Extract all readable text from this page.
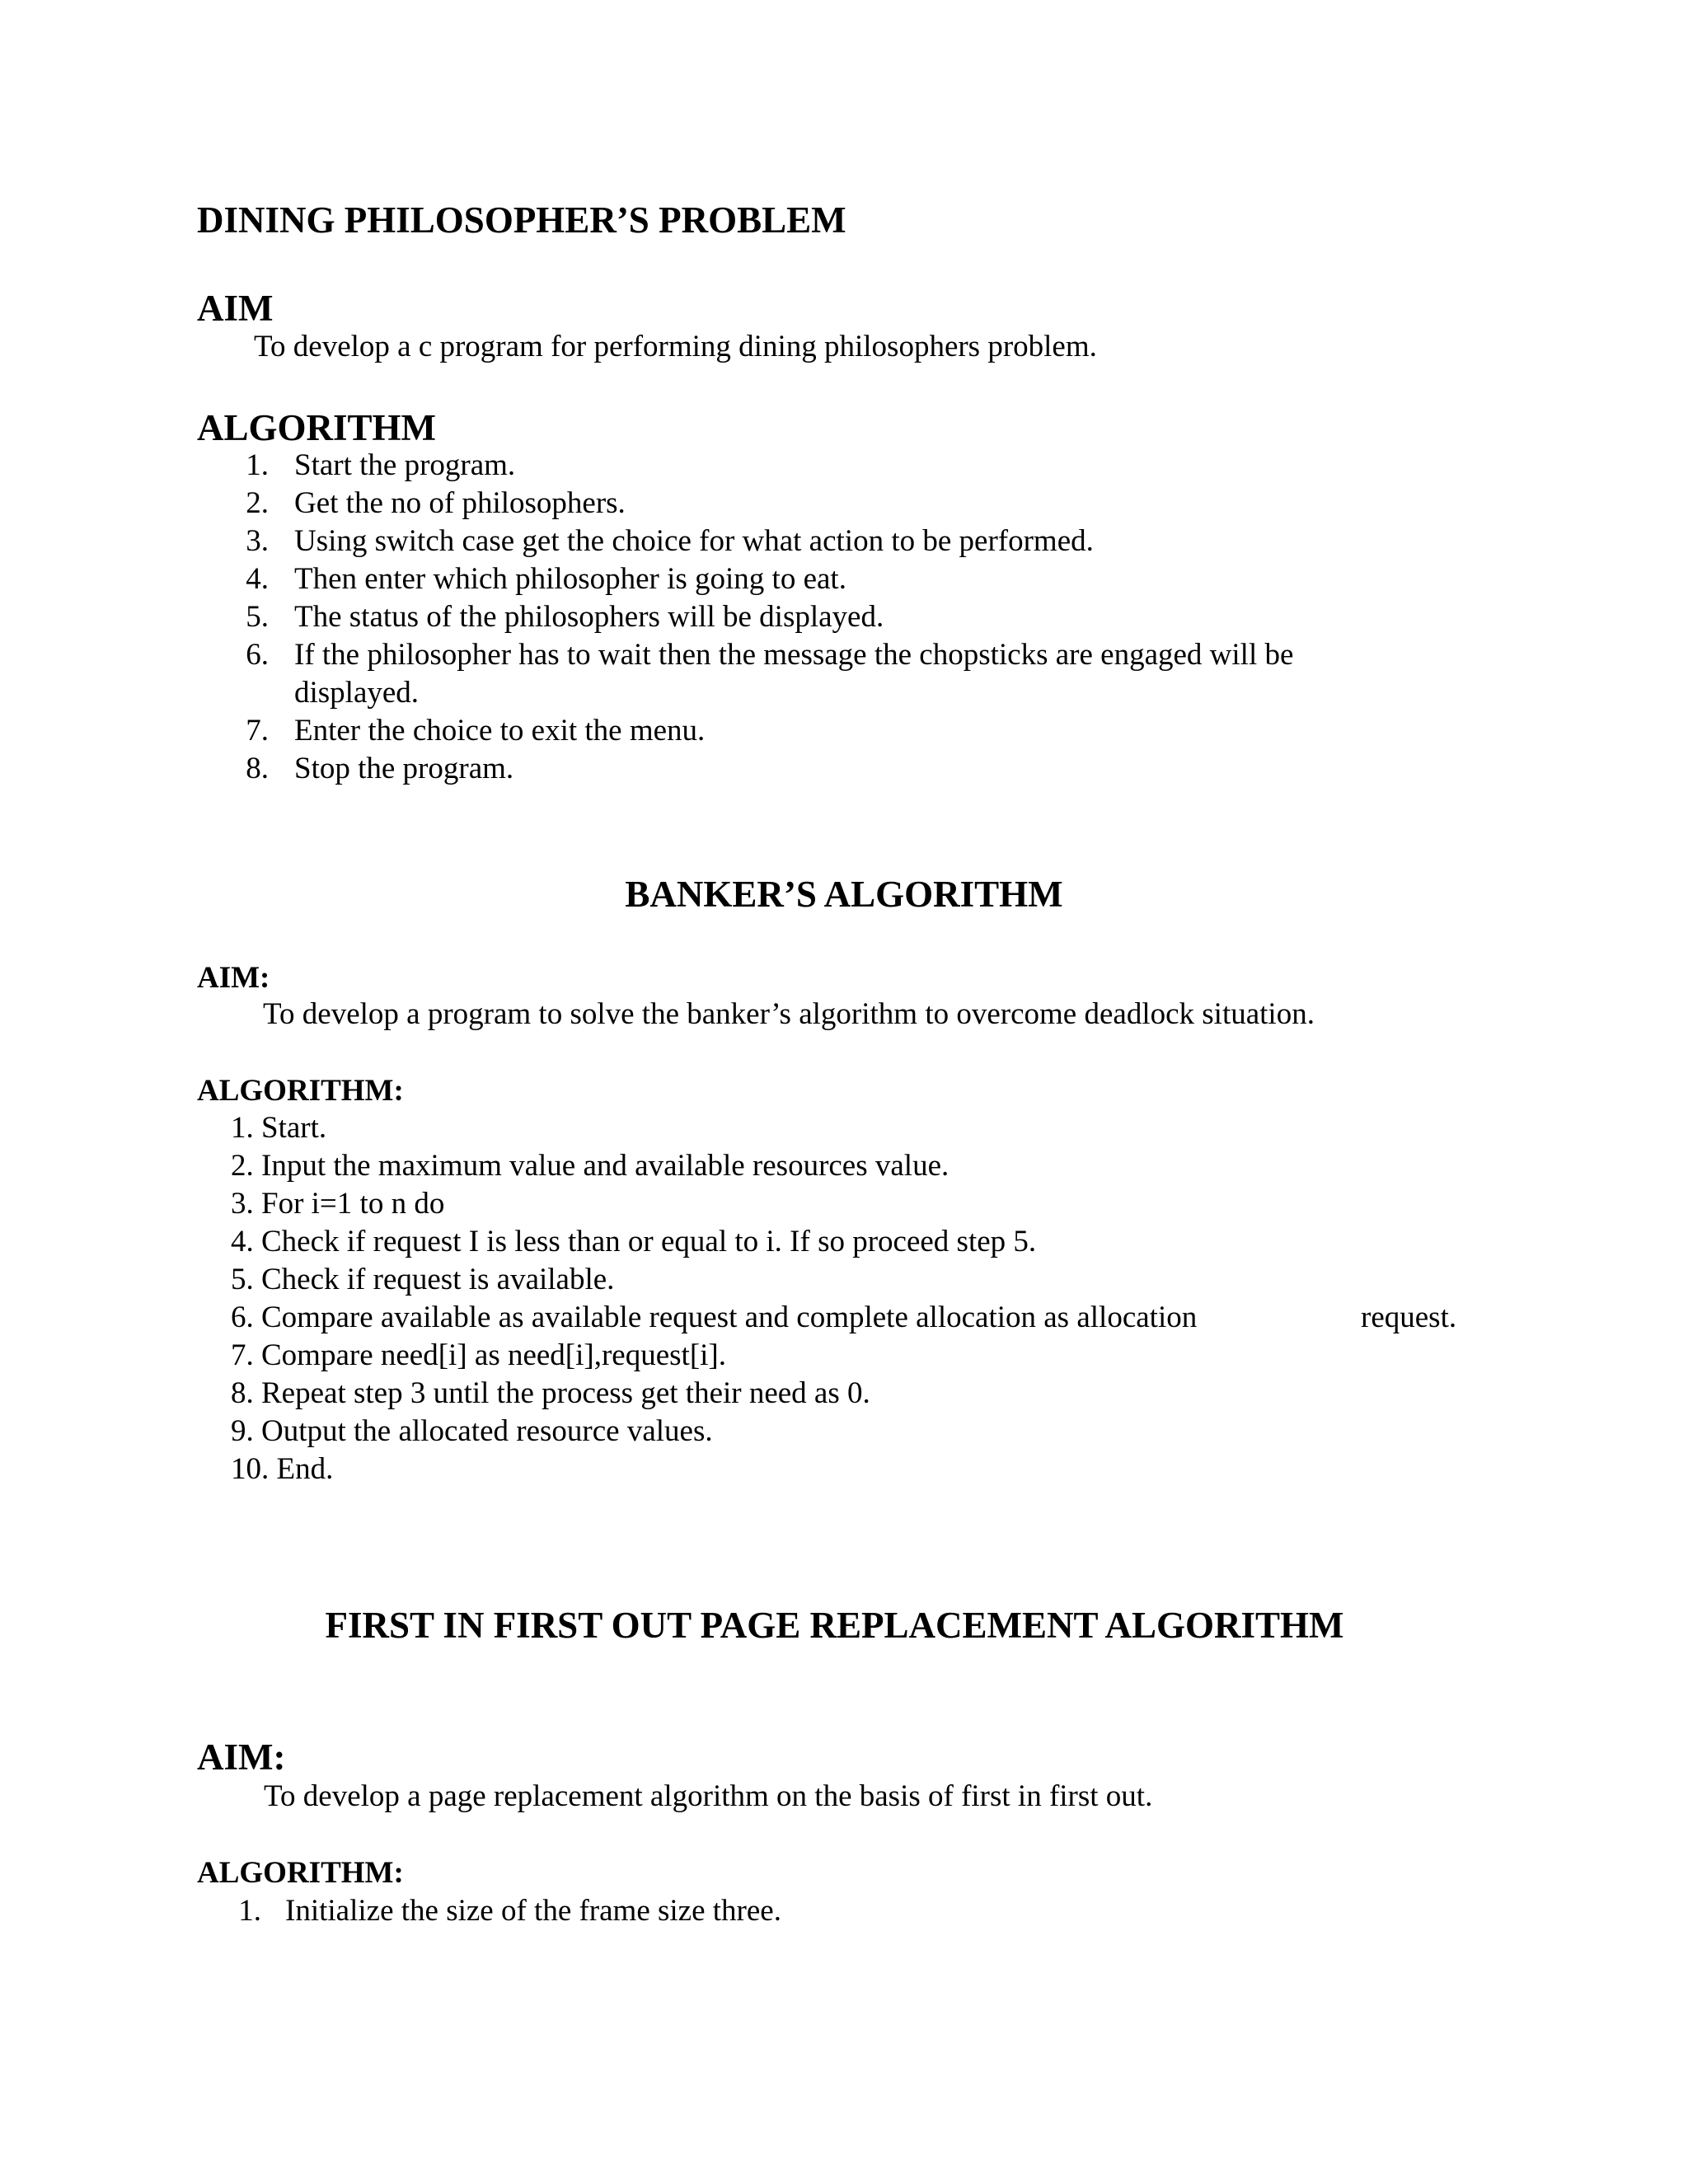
DINING PHILOSOPHER’S PROBLEM
AIM
To develop a c program for performing dining philosophers problem.
ALGORITHM
1. Start the program.
2. Get the no of philosophers.
3. Using switch case get the choice for what action to be performed.
4. Then enter which philosopher is going to eat.
5. The status of the philosophers will be displayed.
6. If the philosopher has to wait then the message the chopsticks are engaged will be
displayed.
7. Enter the choice to exit the menu.
8. Stop the program.
BANKER’S ALGORITHM
AIM:
To develop a program to solve the banker’s algorithm to overcome deadlock situation.
ALGORITHM:
1. Start.
2. Input the maximum value and available resources value.
3. For i=1 to n do
4. Check if request I is less than or equal to i. If so proceed step 5.
5. Check if request is available.
6. Compare available as available request and complete allocation as allocation	request.
7. Compare need[i] as need[i],request[i].
8. Repeat step 3 until the process get their need as 0.
9. Output the allocated resource values.
10. End.
FIRST IN FIRST OUT PAGE REPLACEMENT ALGORITHM
AIM:
To develop a page replacement algorithm on the basis of first in first out.
ALGORITHM:
1. Initialize the size of the frame size three.
